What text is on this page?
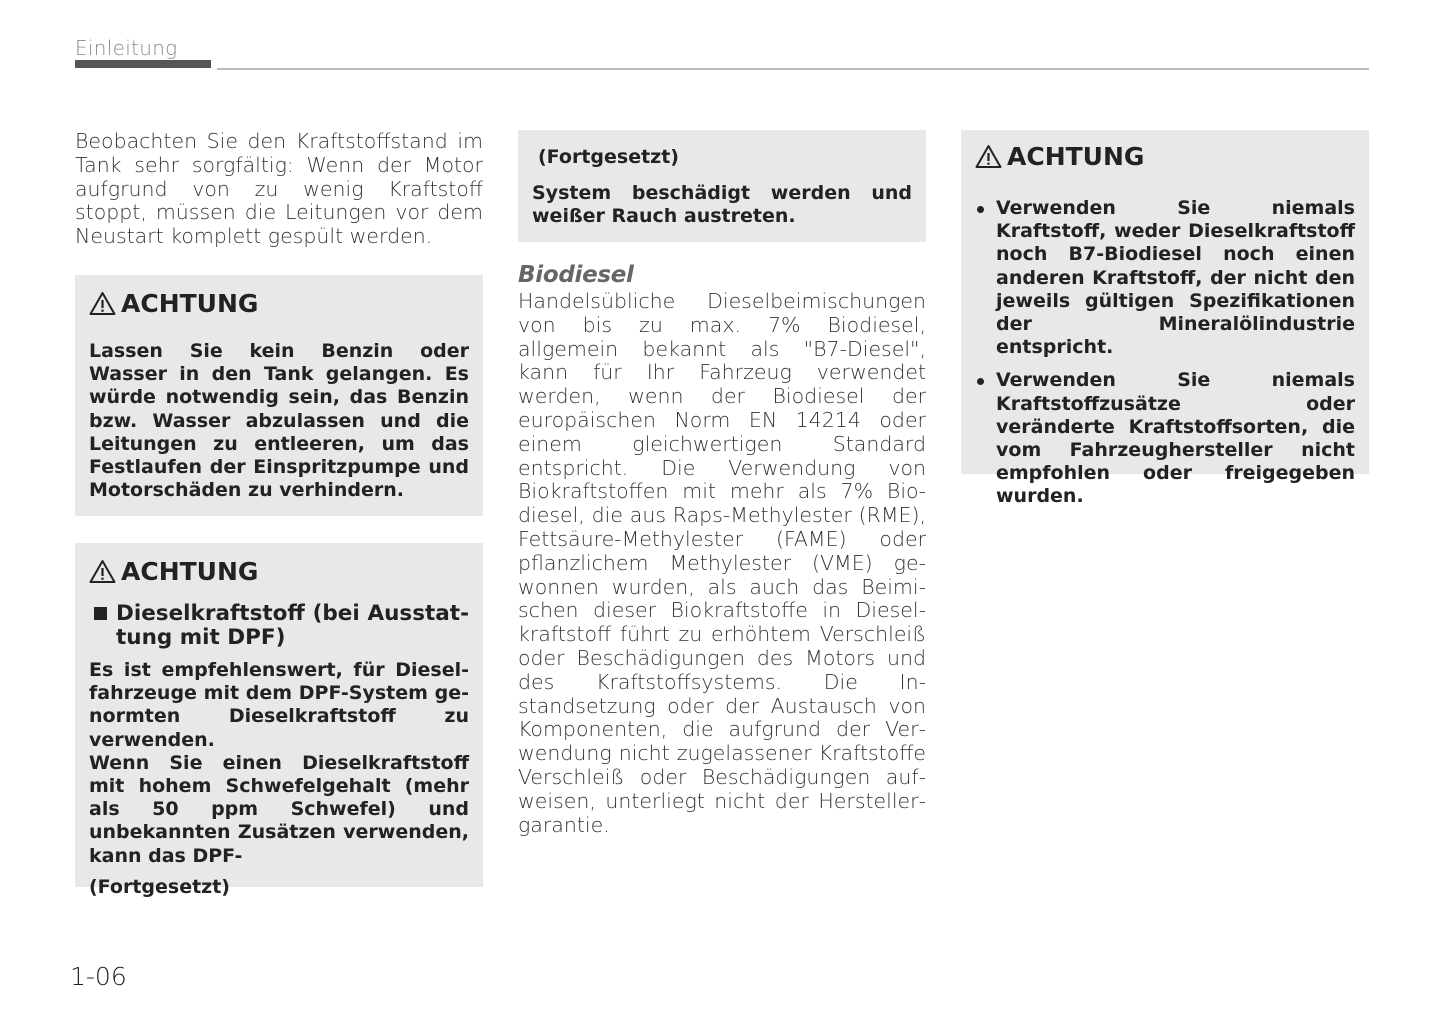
Einleitung

Beobachten Sie den Kraftstoffstand im Tank sehr sorgfältig: Wenn der Motor aufgrund von zu wenig Kraftstoff stoppt, müssen die Leitungen vor dem Neustart komplett gespült werden.

ACHTUNG

Lassen Sie kein Benzin oder Wasser in den Tank gelangen. Es würde notwendig sein, das Benzin bzw. Wasser abzulassen und die Leitungen zu entleeren, um das Festlaufen der Einspritzpumpe und Motorschäden zu verhindern.

ACHTUNG
Dieselkraftstoff (bei Ausstattung mit DPF)

Es ist empfehlenswert, für Dieselfahrzeuge mit dem DPF-System genormten Dieselkraftstoff zu verwenden.

Wenn Sie einen Dieselkraftstoff mit hohem Schwefelgehalt (mehr als 50 ppm Schwefel) und unbekannten Zusätzen verwenden, kann das DPF-

(Fortgesetzt)
(Fortgesetzt)

System beschädigt werden und weißer Rauch austreten.

Biodiesel

Handelsübliche Dieselbeimischungen von bis zu max. 7% Biodiesel, allgemein bekannt als "B7-Diesel", kann für Ihr Fahrzeug verwendet werden, wenn der Biodiesel der europäischen Norm EN 14214 oder einem gleichwertigen Standard entspricht. Die Verwendung von Biokraftstoffen mit mehr als 7% Biodiesel, die aus Raps-Methylester (RME), Fettsäure-Methylester (FAME) oder pflanzlichem Methylester (VME) gewonnen wurden, als auch das Beimischen dieser Biokraftstoffe in Dieselkraftstoff führt zu erhöhtem Verschleiß oder Beschädigungen des Motors und des Kraftstoffsystems. Die Instandsetzung oder der Austausch von Komponenten, die aufgrund der Verwendung nicht zugelassener Kraftstoffe Verschleiß oder Beschädigungen aufweisen, unterliegt nicht der Herstellergarantie.

ACHTUNG
Verwenden Sie niemals Kraftstoff, weder Dieselkraftstoff noch B7-Biodiesel noch einen anderen Kraftstoff, der nicht den jeweils gültigen Spezifikationen der Mineralölindustrie entspricht.
Verwenden Sie niemals Kraftstoffzusätze oder veränderte Kraftstoffsorten, die vom Fahrzeughersteller nicht empfohlen oder freigegeben wurden.
1-06
